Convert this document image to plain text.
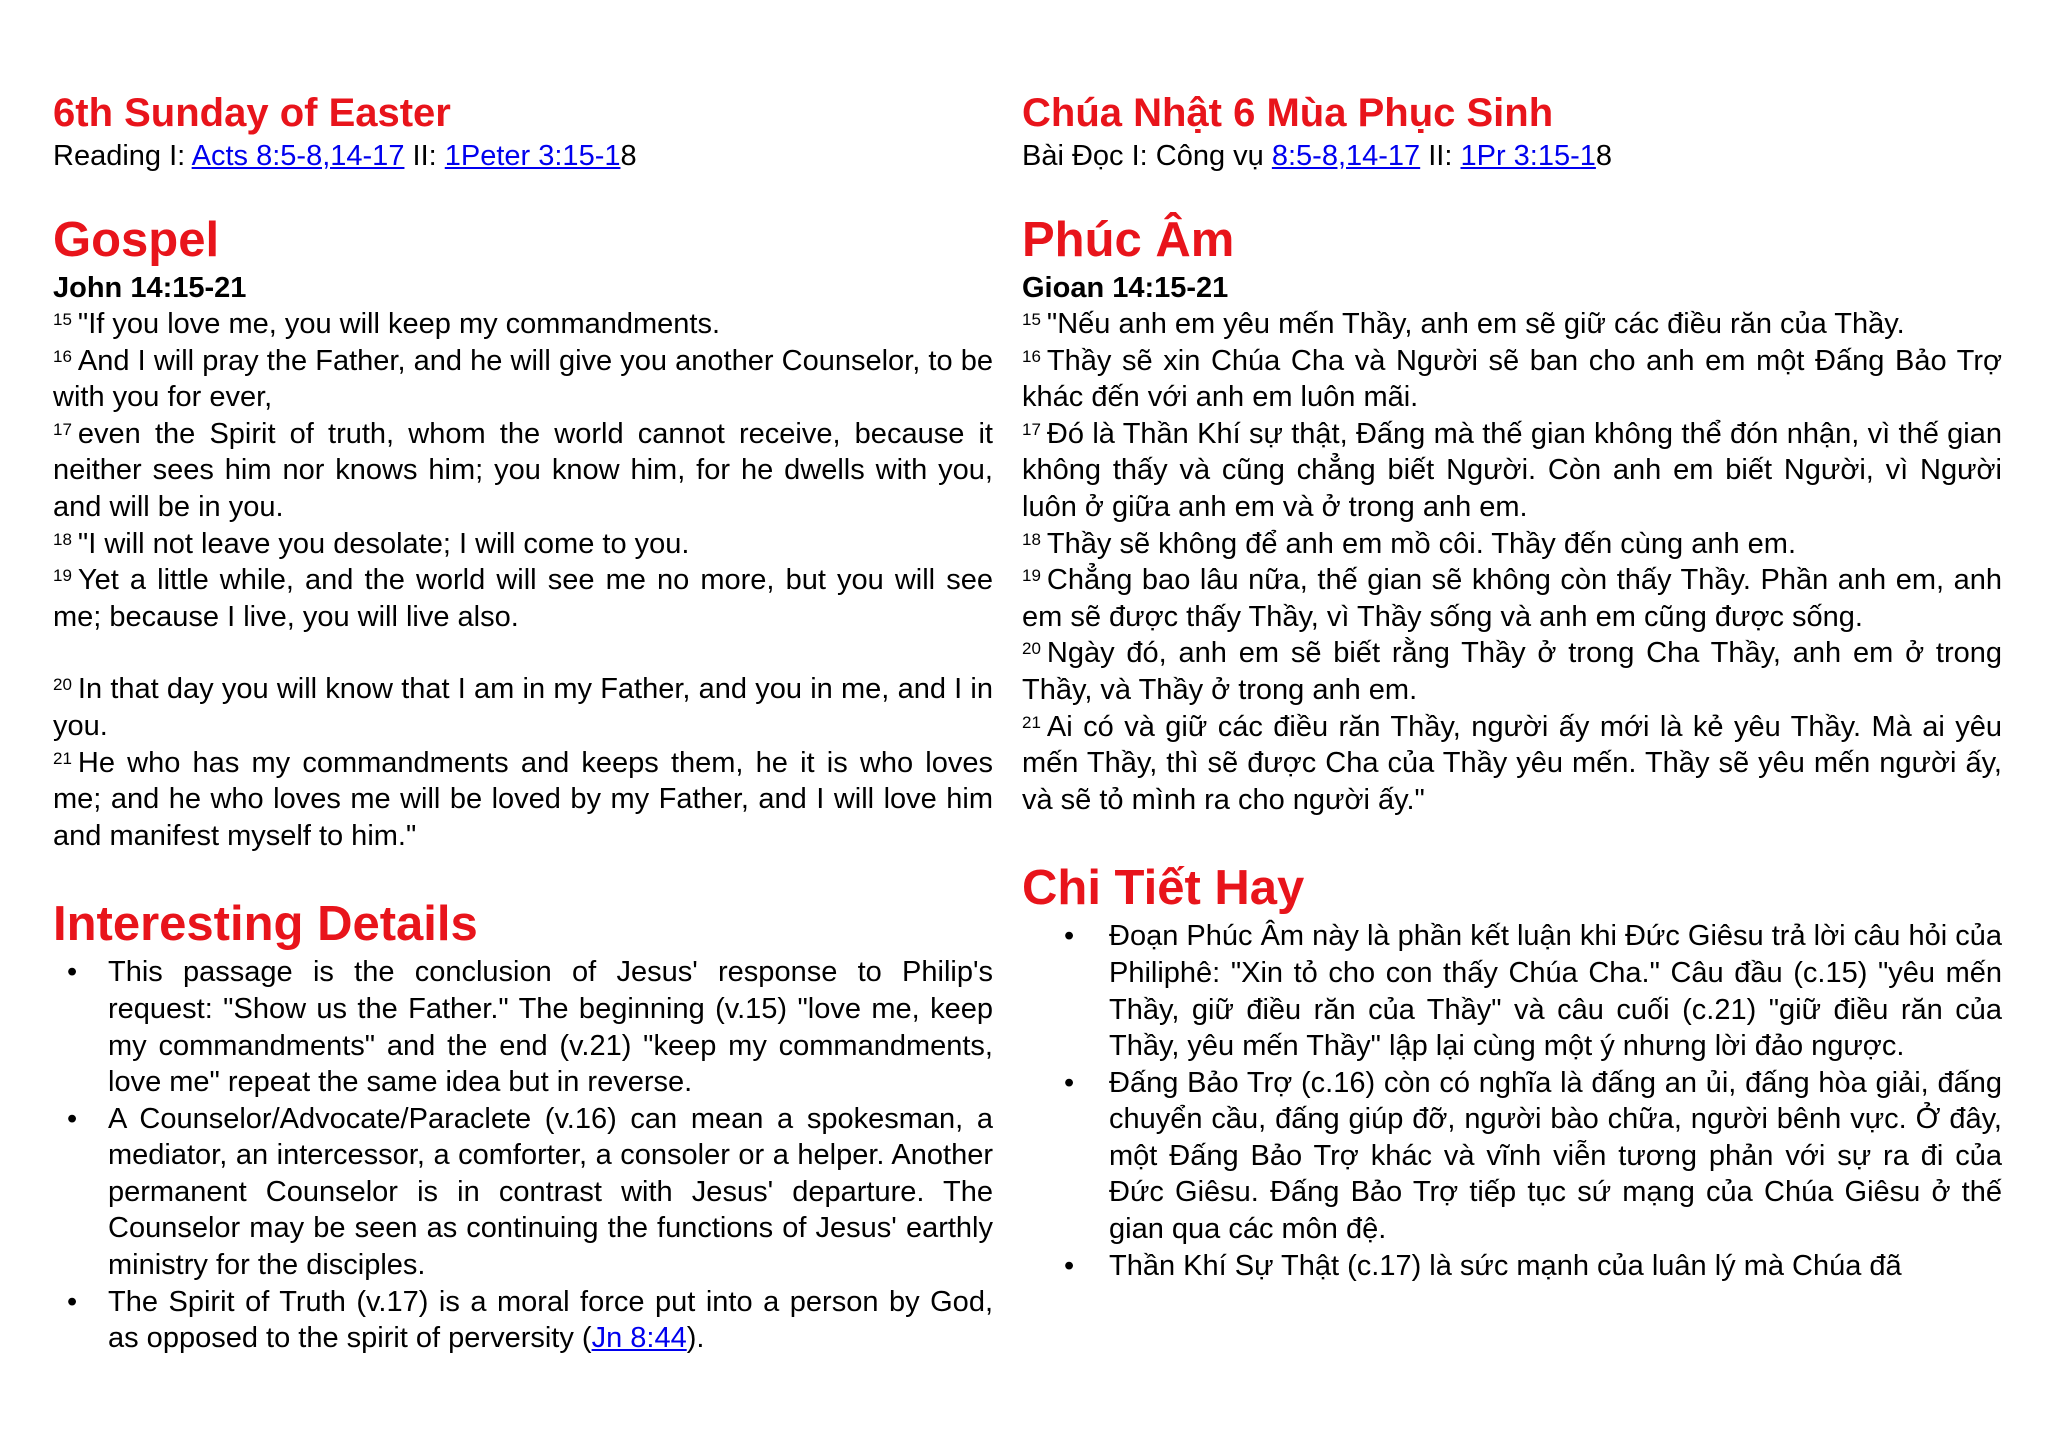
6th Sunday of Easter

Reading I: Acts 8:5-8,14-17 II: 1Peter 3:15-18

Gospel

John 14:15-21

$^{15}$ "If you love me, you will keep my commandments.

$^{16}$ And I will pray the Father, and he will give you another Counselor, to be with you for ever,

$^{17}$ even the Spirit of truth, whom the world cannot receive, because it neither sees him nor knows him; you know him, for he dwells with you, and will be in you.

$^{18}$ "I will not leave you desolate; I will come to you.

$^{19}$ Yet a little while, and the world will see me no more, but you will see me; because I live, you will live also.

$^{20}$ In that day you will know that I am in my Father, and you in me, and I in you.

$^{21}$ He who has my commandments and keeps them, he it is who loves me; and he who loves me will be loved by my Father, and I will love him and manifest myself to him."

Interesting Details
• This passage is the conclusion of Jesus' response to Philip's request: "Show us the Father." The beginning (v.15) "love me, keep my commandments" and the end (v.21) "keep my commandments, love me" repeat the same idea but in reverse.
• A Counselor/Advocate/Paraclete (v.16) can mean a spokesman, a mediator, an intercessor, a comforter, a consoler or a helper. Another permanent Counselor is in contrast with Jesus' departure. The Counselor may be seen as continuing the functions of Jesus' earthly ministry for the disciples.
• The Spirit of Truth (v.17) is a moral force put into a person by God, as opposed to the spirit of perversity (Jn 8:44).
Chúa Nhật 6 Mùa Phục Sinh

Bài Đọc I: Công vụ 8:5-8,14-17 II: 1Pr 3:15-18

Phúc Âm

Gioan 14:15-21

$^{15}$ "Nếu anh em yêu mến Thầy, anh em sẽ giữ các điều răn của Thầy.

$^{16}$ Thầy sẽ xin Chúa Cha và Người sẽ ban cho anh em một Đấng Bảo Trợ khác đến với anh em luôn mãi.

$^{17}$ Đó là Thần Khí sự thật, Đấng mà thế gian không thể đón nhận, vì thế gian không thấy và cũng chẳng biết Người. Còn anh em biết Người, vì Người luôn ở giữa anh em và ở trong anh em.

$^{18}$ Thầy sẽ không để anh em mồ côi. Thầy đến cùng anh em.

$^{19}$ Chẳng bao lâu nữa, thế gian sẽ không còn thấy Thầy. Phần anh em, anh em sẽ được thấy Thầy, vì Thầy sống và anh em cũng được sống.

$^{20}$ Ngày đó, anh em sẽ biết rằng Thầy ở trong Cha Thầy, anh em ở trong Thầy, và Thầy ở trong anh em.

$^{21}$ Ai có và giữ các điều răn Thầy, người ấy mới là kẻ yêu Thầy. Mà ai yêu mến Thầy, thì sẽ được Cha của Thầy yêu mến. Thầy sẽ yêu mến người ấy, và sẽ tỏ mình ra cho người ấy."

Chi Tiết Hay
• Đoạn Phúc Âm này là phần kết luận khi Đức Giêsu trả lời câu hỏi của Philiphê: "Xin tỏ cho con thấy Chúa Cha." Câu đầu (c.15) "yêu mến Thầy, giữ điều răn của Thầy" và câu cuối (c.21) "giữ điều răn của Thầy, yêu mến Thầy" lập lại cùng một ý nhưng lời đảo ngược.
• Đấng Bảo Trợ (c.16) còn có nghĩa là đấng an ủi, đấng hòa giải, đấng chuyển cầu, đấng giúp đỡ, người bào chữa, người bênh vực. Ở đây, một Đấng Bảo Trợ khác và vĩnh viễn tương phản với sự ra đi của Đức Giêsu. Đấng Bảo Trợ tiếp tục sứ mạng của Chúa Giêsu ở thế gian qua các môn đệ.
• Thần Khí Sự Thật (c.17) là sức mạnh của luân lý mà Chúa đã
